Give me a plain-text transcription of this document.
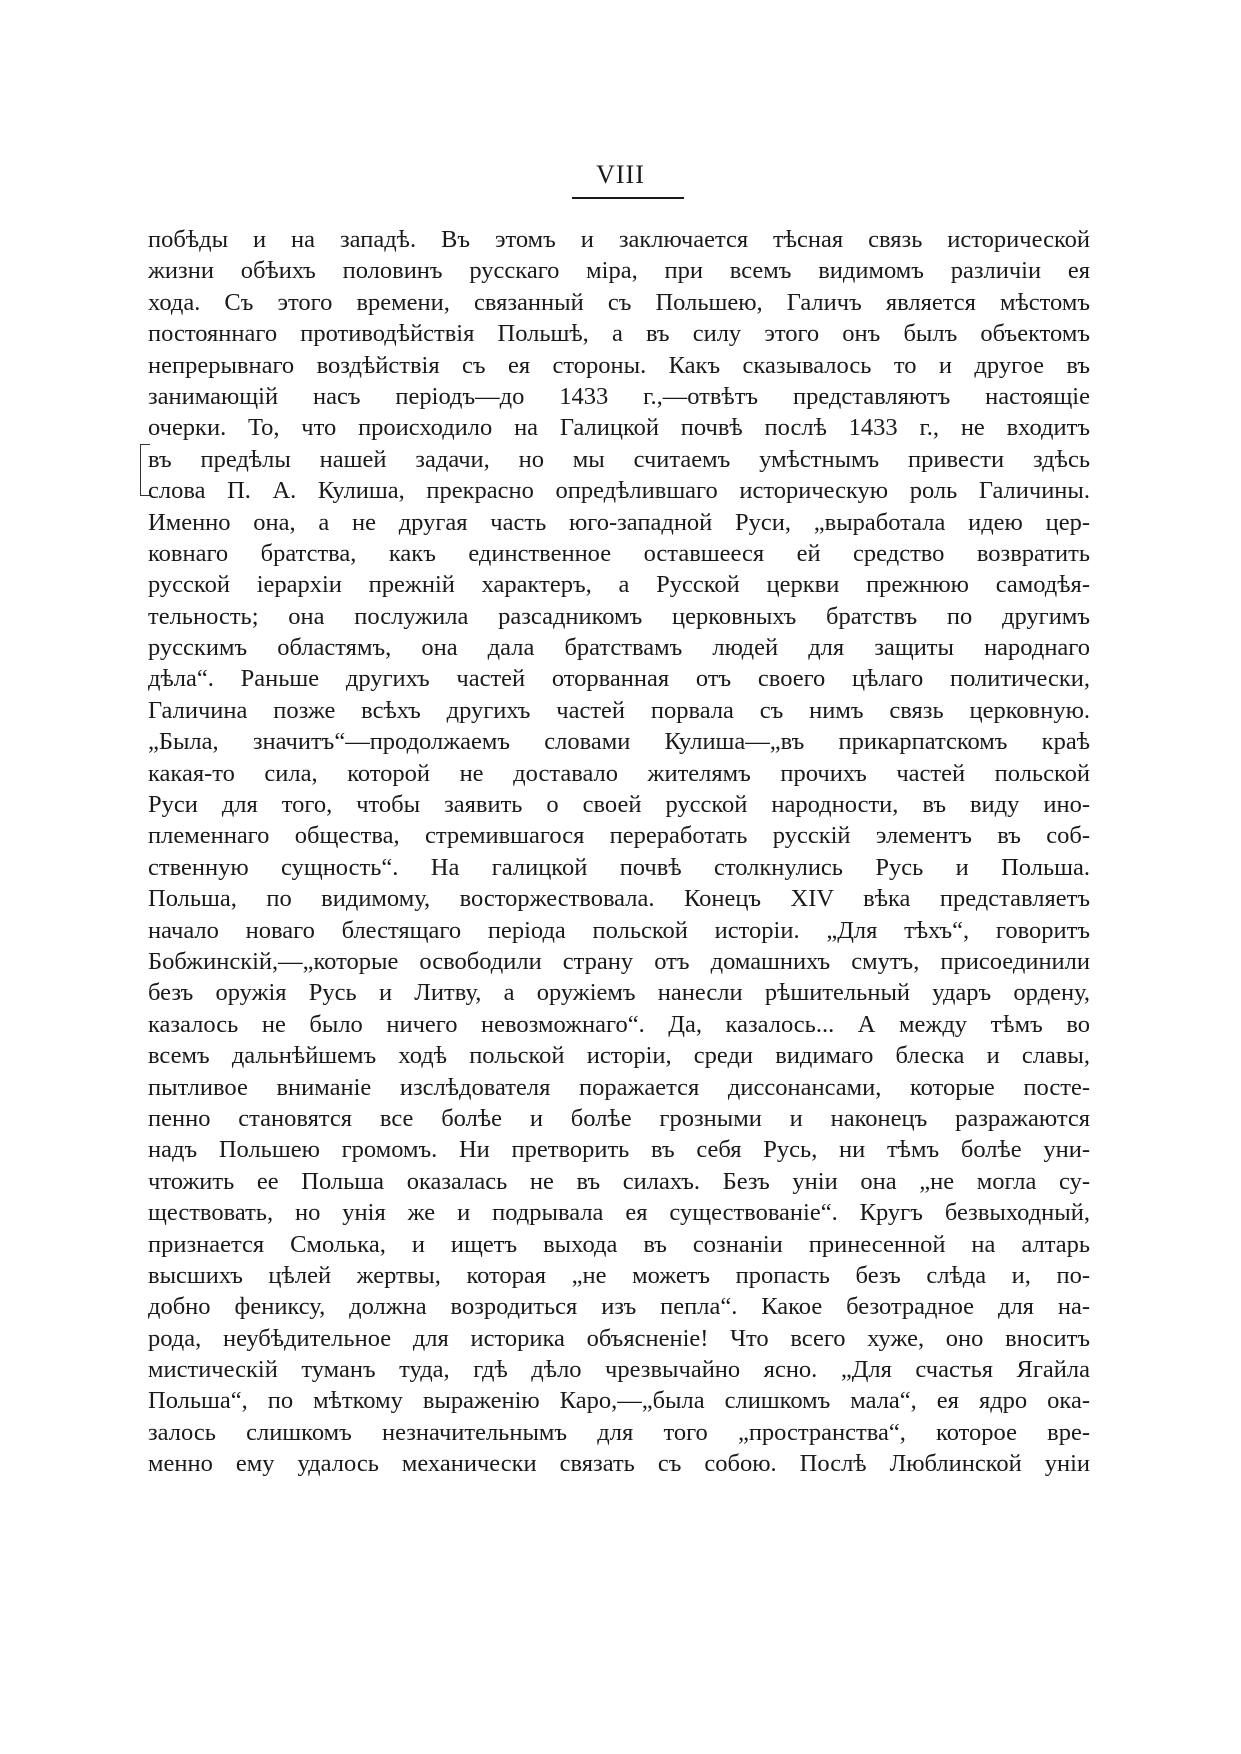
VIII
побѣды и на западѣ. Въ этомъ и заключается тѣсная связь исторической
жизни обѣихъ половинъ русскаго міра, при всемъ видимомъ различіи ея
хода. Съ этого времени, связанный съ Польшею, Галичъ является мѣстомъ
постояннаго противодѣйствія Польшѣ, а въ силу этого онъ былъ объектомъ
непрерывнаго воздѣйствія съ ея стороны. Какъ сказывалось то и другое въ
занимающій насъ періодъ—до 1433 г.,—отвѣтъ представляютъ настоящіе
очерки. То, что происходило на Галицкой почвѣ послѣ 1433 г., не входитъ
въ предѣлы нашей задачи, но мы считаемъ умѣстнымъ привести здѣсь
слова П. А. Кулиша, прекрасно опредѣлившаго историческую роль Галичины.
Именно она, а не другая часть юго-западной Руси, „выработала идею цер-
ковнаго братства, какъ единственное оставшееся ей средство возвратить
русской іерархіи прежній характеръ, а Русской церкви прежнюю самодѣя-
тельность; она послужила разсадникомъ церковныхъ братствъ по другимъ
русскимъ областямъ, она дала братствамъ людей для защиты народнаго
дѣла“. Раньше другихъ частей оторванная отъ своего цѣлаго политически,
Галичина позже всѣхъ другихъ частей порвала съ нимъ связь церковную.
„Была, значитъ“—продолжаемъ словами Кулиша—„въ прикарпатскомъ краѣ
какая-то сила, которой не доставало жителямъ прочихъ частей польской
Руси для того, чтобы заявить о своей русской народности, въ виду ино-
племеннаго общества, стремившагося переработать русскій элементъ въ соб-
ственную сущность“. На галицкой почвѣ столкнулись Русь и Польша.
Польша, по видимому, восторжествовала. Конецъ XIV вѣка представляетъ
начало новаго блестящаго періода польской исторіи. „Для тѣхъ“, говоритъ
Бобжинскій,—„которые освободили страну отъ домашнихъ смутъ, присоединили
безъ оружія Русь и Литву, а оружіемъ нанесли рѣшительный ударъ ордену,
казалось не было ничего невозможнаго“. Да, казалось... А между тѣмъ во
всемъ дальнѣйшемъ ходѣ польской исторіи, среди видимаго блеска и славы,
пытливое вниманіе изслѣдователя поражается диссонансами, которые посте-
пенно становятся все болѣе и болѣе грозными и наконецъ разражаются
надъ Польшею громомъ. Ни претворить въ себя Русь, ни тѣмъ болѣе уни-
чтожить ее Польша оказалась не въ силахъ. Безъ уніи она „не могла су-
ществовать, но унія же и подрывала ея существованіе“. Кругъ безвыходный,
признается Смолька, и ищетъ выхода въ сознаніи принесенной на алтарь
высшихъ цѣлей жертвы, которая „не можетъ пропасть безъ слѣда и, по-
добно фениксу, должна возродиться изъ пепла“. Какое безотрадное для на-
рода, неубѣдительное для историка объясненіе! Что всего хуже, оно вноситъ
мистическій туманъ туда, гдѣ дѣло чрезвычайно ясно. „Для счастья Ягайла
Польша“, по мѣткому выраженію Каро,—„была слишкомъ мала“, ея ядро ока-
залось слишкомъ незначительнымъ для того „пространства“, которое вре-
менно ему удалось механически связать съ собою. Послѣ Люблинской уніи
